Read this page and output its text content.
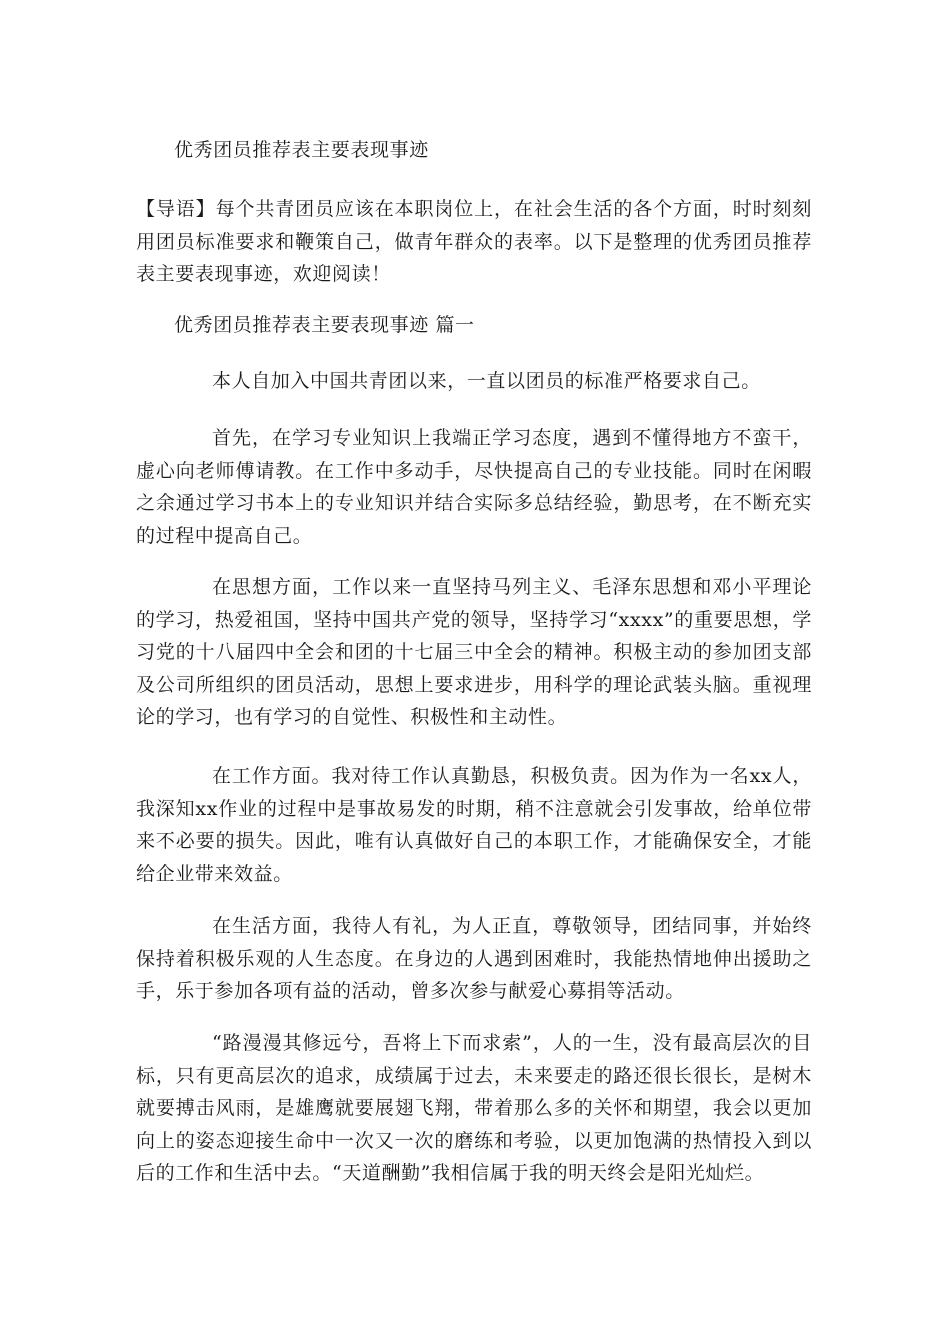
优秀团员推荐表主要表现事迹

【导语】每个共青团员应该在本职岗位上，在社会生活的各个方面，时时刻刻用团员标准要求和鞭策自己，做青年群众的表率。以下是整理的优秀团员推荐表主要表现事迹，欢迎阅读！

优秀团员推荐表主要表现事迹 篇一

本人自加入中国共青团以来，一直以团员的标准严格要求自己。

首先，在学习专业知识上我端正学习态度，遇到不懂得地方不蛮干，虚心向老师傅请教。在工作中多动手，尽快提高自己的专业技能。同时在闲暇之余通过学习书本上的专业知识并结合实际多总结经验，勤思考，在不断充实的过程中提高自己。

在思想方面，工作以来一直坚持马列主义、毛泽东思想和邓小平理论的学习，热爱祖国，坚持中国共产党的领导，坚持学习“xxxx”的重要思想，学习党的十八届四中全会和团的十七届三中全会的精神。积极主动的参加团支部及公司所组织的团员活动，思想上要求进步，用科学的理论武装头脑。重视理论的学习，也有学习的自觉性、积极性和主动性。

在工作方面。我对待工作认真勤恳，积极负责。因为作为一名xx人，我深知xx作业的过程中是事故易发的时期，稍不注意就会引发事故，给单位带来不必要的损失。因此，唯有认真做好自己的本职工作，才能确保安全，才能给企业带来效益。

在生活方面，我待人有礼，为人正直，尊敬领导，团结同事，并始终保持着积极乐观的人生态度。在身边的人遇到困难时，我能热情地伸出援助之手，乐于参加各项有益的活动，曾多次参与献爱心募捐等活动。

“路漫漫其修远兮，吾将上下而求索”，人的一生，没有最高层次的目标，只有更高层次的追求，成绩属于过去，未来要走的路还很长很长，是树木就要搏击风雨，是雄鹰就要展翅飞翔，带着那么多的关怀和期望，我会以更加向上的姿态迎接生命中一次又一次的磨练和考验，以更加饱满的热情投入到以后的工作和生活中去。“天道酬勤”我相信属于我的明天终会是阳光灿烂。
